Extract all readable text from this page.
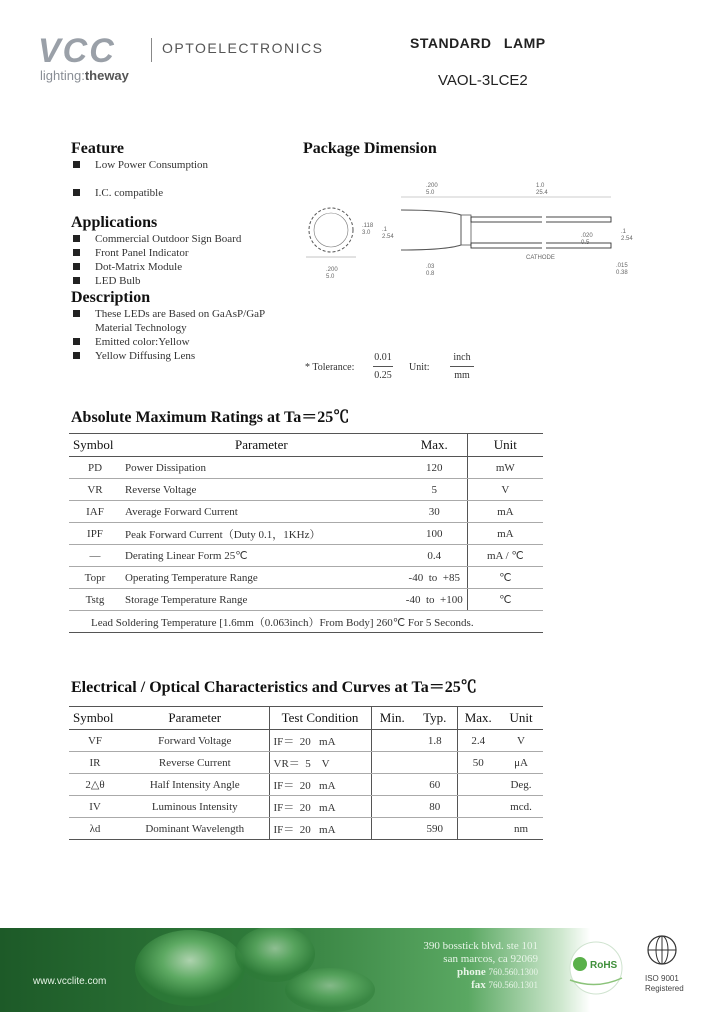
VCC	OPTOELECTRONICS
lighting:theway
STANDARD LAMP
VAOL-3LCE2
Feature
Low Power Consumption
I.C. compatible
Applications
Commercial Outdoor Sign Board
Front Panel Indicator
Dot-Matrix Module
LED Bulb
Description
These LEDs are Based on GaAsP/GaP
Material Technology
Emitted color:Yellow
Yellow Diffusing Lens
Package Dimension
.200
5.0
.118
3.0 .1
2.54
.200
5.0
1.0
25.4
.1
2.54
.020
0.5
.03
0.8
CATHODE
.015
0.38
* Tolerance:
0.01
0.25
Unit:
inch
mm
Absolute Maximum Ratings at Ta＝25℃
Symbol	Parameter	Max.	Unit
PD	Power Dissipation	120	mW
VR	Reverse Voltage	5	V
IAF	Average Forward Current	30	mA
IPF	Peak Forward Current（Duty 0.1，1KHz）	100	mA
—	Derating Linear Form 25℃	0.4	mA / ℃
Topr	Operating Temperature Range	-40  to  +85	℃
Tstg	Storage Temperature Range	-40  to  +100	℃
Lead Soldering Temperature [1.6mm（0.063inch）From Body] 260℃ For 5 Seconds.			
Electrical / Optical Characteristics and Curves at Ta＝25℃
Symbol	Parameter	Test Condition	Min.	Typ.	Max.	Unit
VF	Forward Voltage	IF＝  20   mA		1.8	2.4	V
IR	Reverse Current	VR＝  5    V			50	μA
2△θ	Half Intensity Angle	IF＝  20   mA		60		Deg.
IV	Luminous Intensity	IF＝  20   mA		80		mcd.
λd	Dominant Wavelength	IF＝  20   mA		590		nm
390 bosstick blvd. ste 101
san marcos, ca 92069
phone 760.560.1300
fax 760.560.1301
www.vcclite.com
RoHS
ISO 9001
Registered
